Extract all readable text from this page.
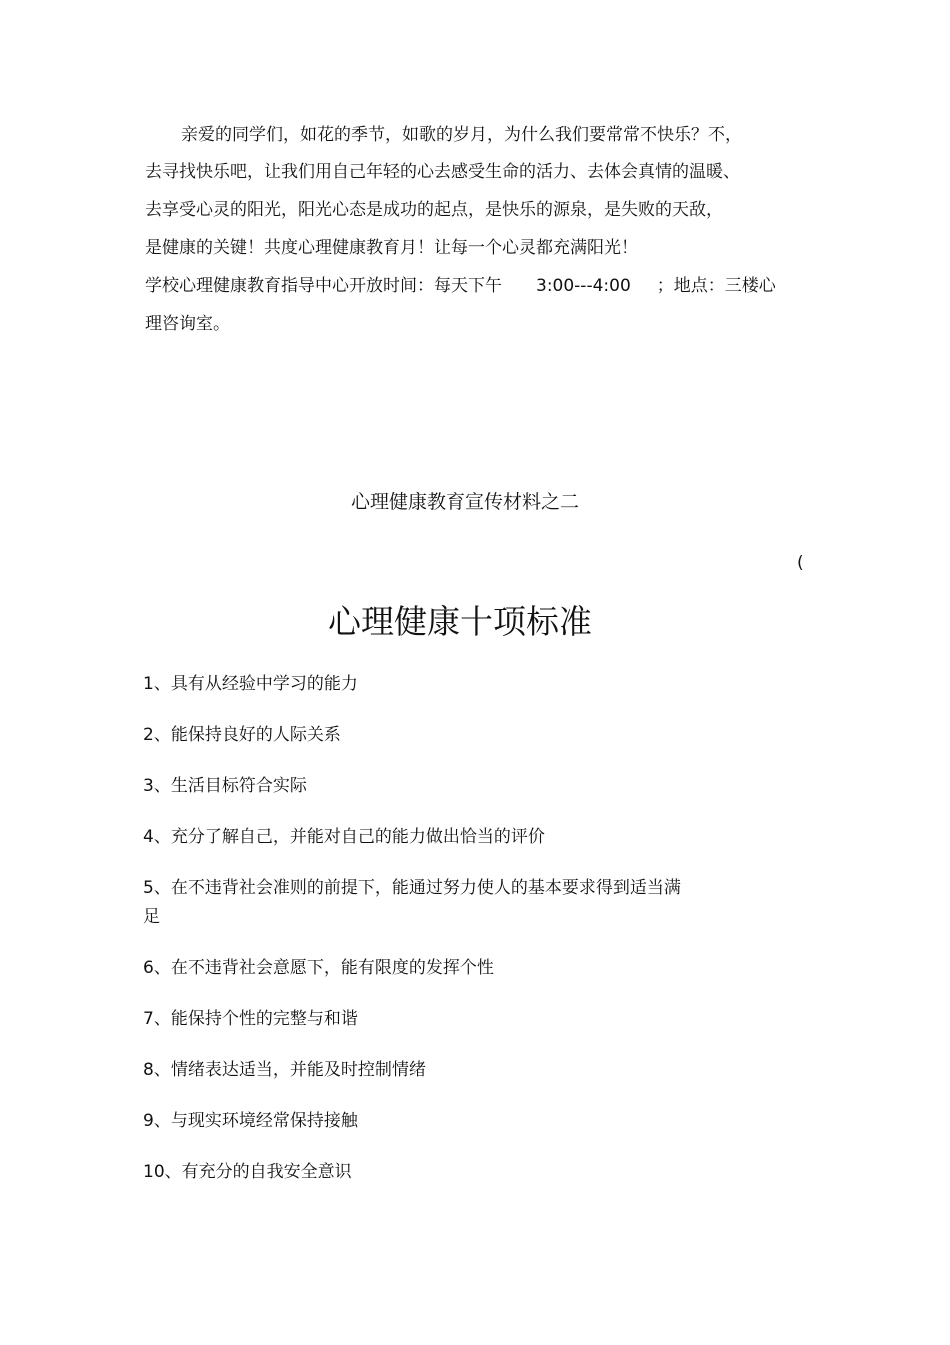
亲爱的同学们，如花的季节，如歌的岁月，为什么我们要常常不快乐？不，
去寻找快乐吧，让我们用自己年轻的心去感受生命的活力、去体会真情的温暖、
去享受心灵的阳光，阳光心态是成功的起点，是快乐的源泉，是失败的天敌，
是健康的关键！共度心理健康教育月！让每一个心灵都充满阳光！
学校心理健康教育指导中心开放时间：每天下午 3:00---4:00 ；地点：三楼心
理咨询室。
心理健康教育宣传材料之二
(
心理健康十项标准
1、具有从经验中学习的能力
2、能保持良好的人际关系
3、生活目标符合实际
4、充分了解自己，并能对自己的能力做出恰当的评价
5、在不违背社会准则的前提下，能通过努力使人的基本要求得到适当满
足
6、在不违背社会意愿下，能有限度的发挥个性
7、能保持个性的完整与和谐
8、情绪表达适当，并能及时控制情绪
9、与现实环境经常保持接触
10、有充分的自我安全意识
